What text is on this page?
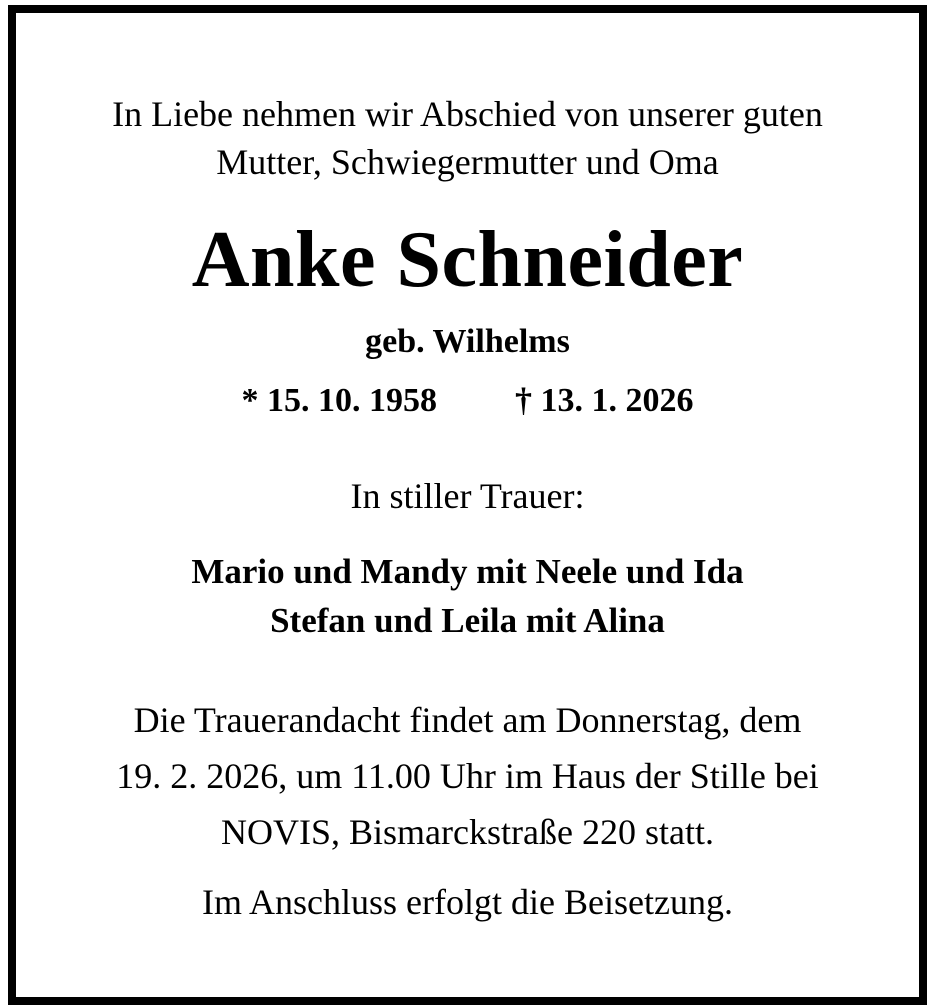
In Liebe nehmen wir Abschied von unserer guten
Mutter, Schwiegermutter und Oma
Anke Schneider
geb. Wilhelms
* 15. 10. 1958 † 13. 1. 2026
In stiller Trauer:
Mario und Mandy mit Neele und Ida
Stefan und Leila mit Alina
Die Trauerandacht findet am Donnerstag, dem
19. 2. 2026, um 11.00 Uhr im Haus der Stille bei
NOVIS, Bismarckstraße 220 statt.
Im Anschluss erfolgt die Beisetzung.
